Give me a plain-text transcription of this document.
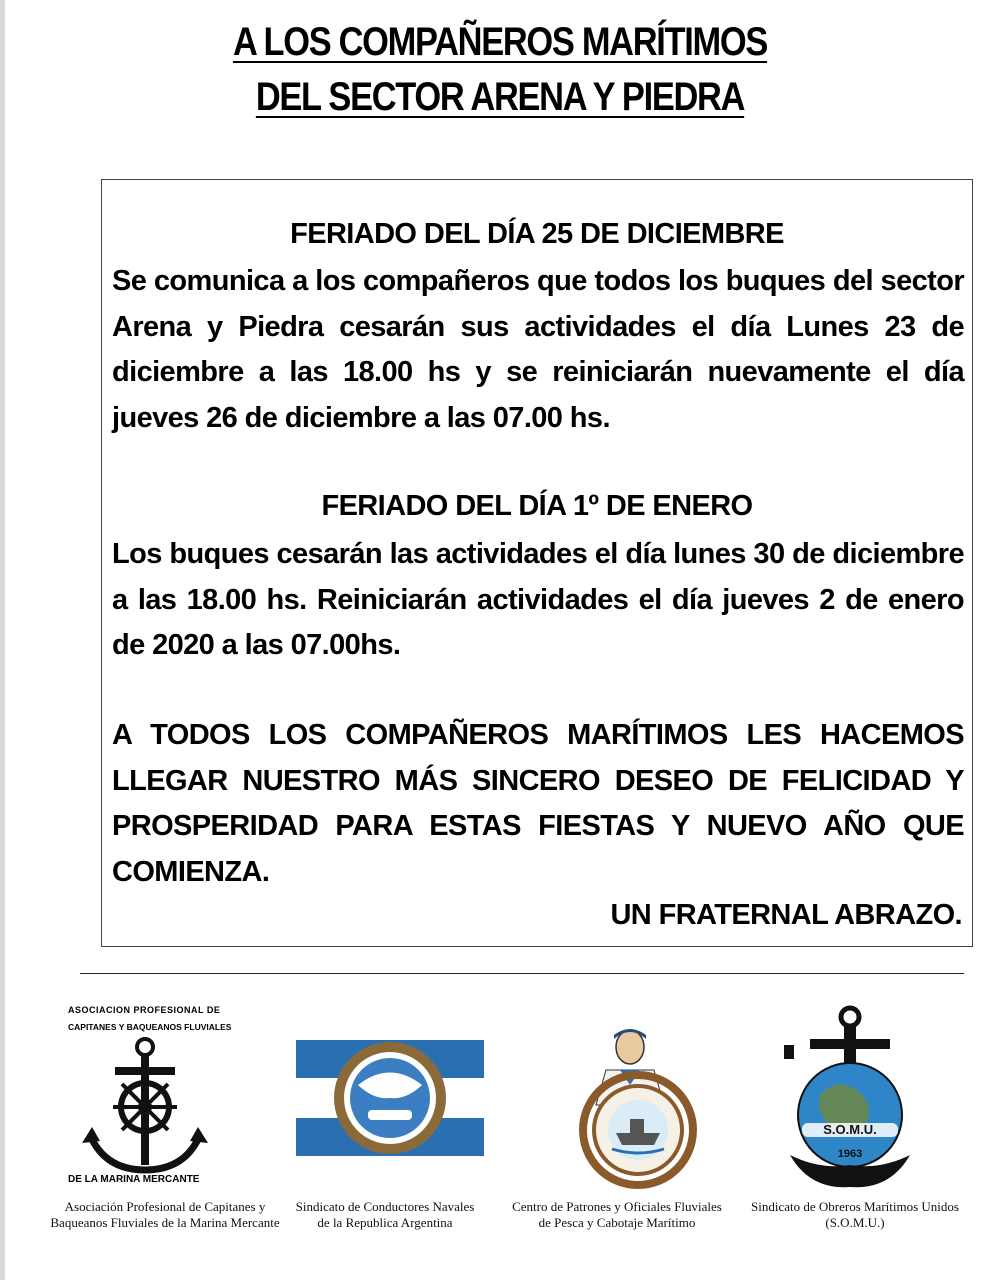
A LOS COMPAÑEROS MARÍTIMOS
DEL SECTOR ARENA Y PIEDRA
FERIADO DEL DÍA 25 DE DICIEMBRE
Se comunica a los compañeros que todos los buques del sector Arena y Piedra cesarán sus actividades el día Lunes 23 de diciembre a las 18.00 hs y se reiniciarán nuevamente el día jueves 26 de diciembre a las 07.00 hs.
FERIADO DEL DÍA 1º DE ENERO
Los buques cesarán las actividades el día lunes 30 de diciembre a las 18.00 hs. Reiniciarán actividades el día jueves 2 de enero de 2020 a las 07.00hs.
A TODOS LOS COMPAÑEROS MARÍTIMOS LES HACEMOS LLEGAR NUESTRO MÁS SINCERO DESEO DE FELICIDAD Y PROSPERIDAD PARA ESTAS FIESTAS Y NUEVO AÑO QUE COMIENZA.
UN FRATERNAL ABRAZO.
ASOCIACION PROFESIONAL DE
CAPITANES Y BAQUEANOS FLUVIALES
DE LA MARINA MERCANTE
S.O.M.U.
1963
Asociación Profesional de Capitanes y
Baqueanos Fluviales de la Marina Mercante
Sindicato de Conductores Navales
de la Republica Argentina
Centro de Patrones y Oficiales Fluviales
de Pesca y Cabotaje Marítimo
Sindicato de Obreros Marítimos Unidos
(S.O.M.U.)
